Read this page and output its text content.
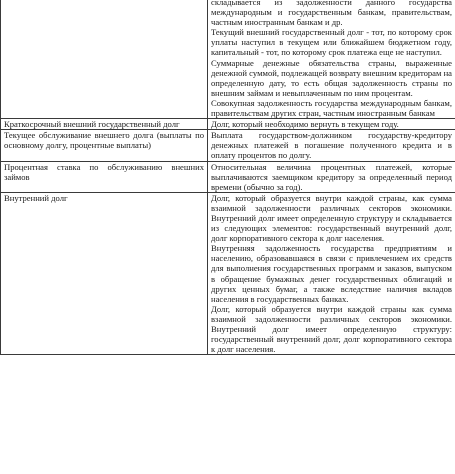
	складывается из задолженности данного государства международным и государственным банкам, правительствам, частным иностранным банкам и др.
Текущий внешний государственный долг - тот, по которому срок уплаты наступил в текущем или ближайшем бюджетном году, капитальный - тот, по которому срок платежа еще не наступил.
Суммарные денежные обязательства страны, выраженные денежной суммой, подлежащей возврату внешним кредиторам на определенную дату, то есть общая задолженность страны по внешним займам и невыплаченным по ним процентам.
Совокупная задолженность государства международным банкам, правительствам других стран, частным иностранным банкам

Краткосрочный внешний государственный долг	Долг, который необходимо вернуть в текущем году.

Текущее обслуживание внешнего долга (выплаты по основному долгу, процентные выплаты)	Выплата государством-должником государству-кредитору денежных платежей в погашение полученного кредита и в оплату процентов по долгу.

Процентная ставка по обслуживанию внешних займов	Относительная величина процентных платежей, которые выплачиваются заемщиком кредитору за определенный период времени (обычно за год).

Внутренний долг	Долг, который образуется внутри каждой страны, как сумма взаимной задолженности различных секторов экономики. Внутренний долг имеет определенную структуру и складывается из следующих элементов: государственный внутренний долг, долг корпоративного сектора к долг населения.
Внутренняя задолженность государства предприятиям и населению, образовавшаяся в связи с привлечением их средств для выполнения государственных программ и заказов, выпуском в обращение бумажных денег государственных облигаций и других ценных бумаг, а также вследствие наличия вкладов населения в государственных банках.
Долг, который образуется внутри каждой страны как сумма взаимной задолженности различных секторов экономики. Внутренний долг имеет определенную структуру: государственный внутренний долг, долг корпоративного сектора к долг населения.
